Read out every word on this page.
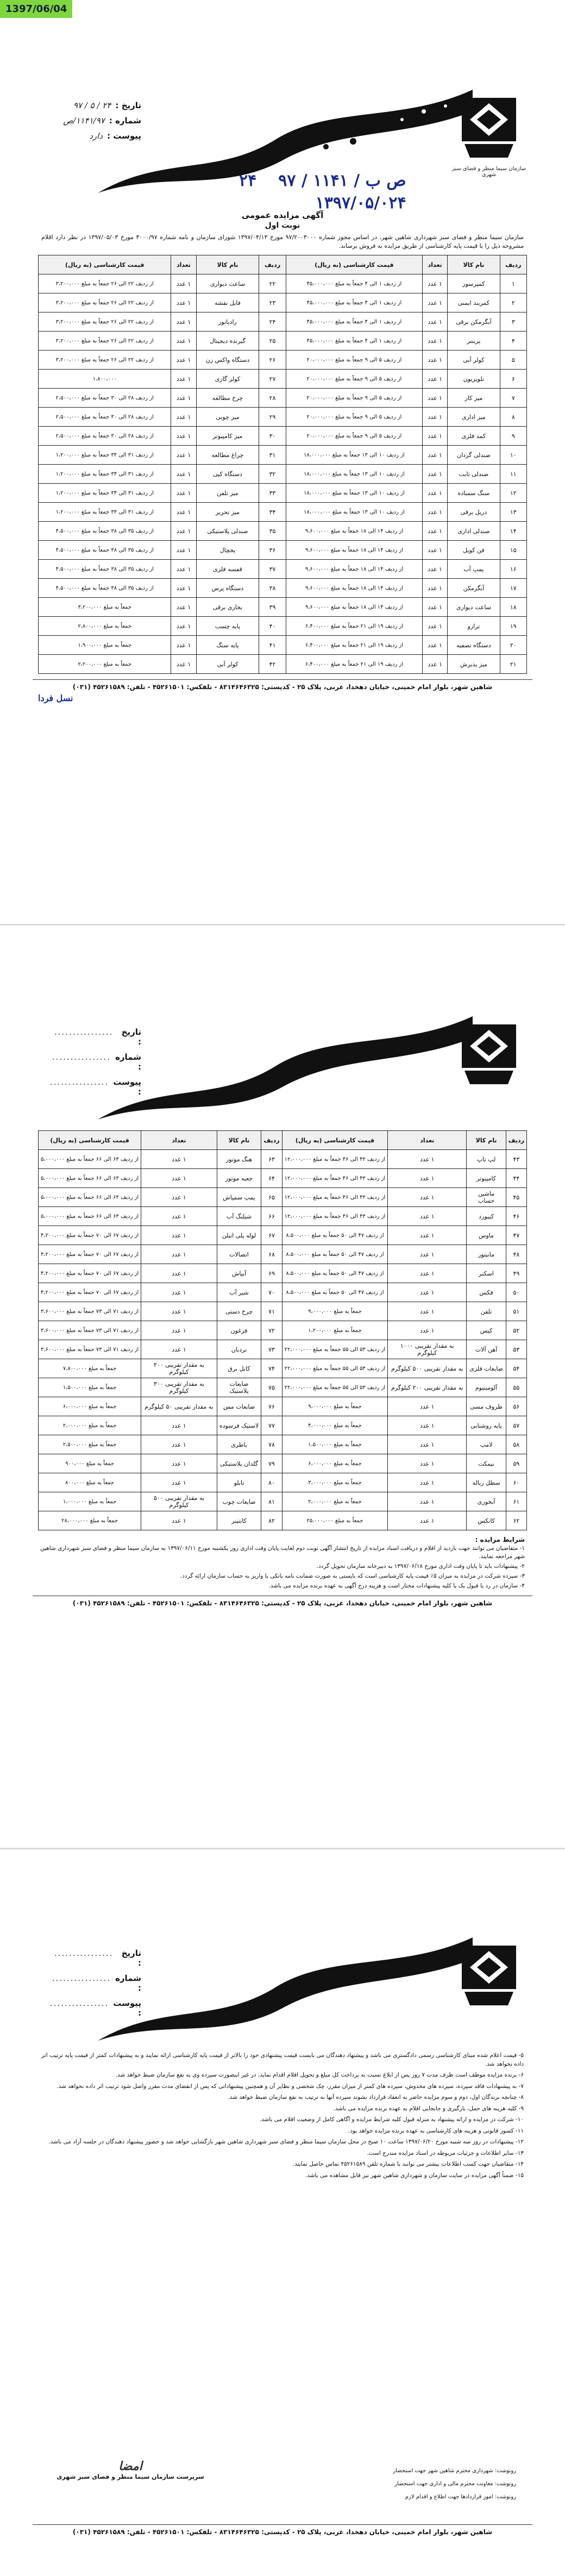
1397/06/04
سازمان سیما منظر و فضای سبز شهری
تاریخ :
۲۴ / ۵ / ۹۷
شماره :
۱۱۴۱/۹۷/ص
پیوست :
دارد
ص ب / ۱۱۴۱ / ۹۷
۲۴
۱۳۹۷/۰۵/۰۲۴
آگهی مزایده عمومی
نوبت اول
سازمان سیما منظر و فضای سبز شهرداری شاهین شهر، در اساس مجوز شماره ۹۷/۲۰۰۳۰۰۰ مورخ ۱۳۹۷/۰۴/۱۳ شورای سازمان و نامه شماره ۳۰۰۰/۹۷ مورخ ۱۳۹۷/۰۵/۰۳ در نظر دارد اقلام مشروحه ذیل را با قیمت پایه کارشناسی از طریق مزایده به فروش برساند.
ردیف	نام کالا	تعداد	قیمت کارشناسی (به ریال)	ردیف	نام کالا	تعداد	قیمت کارشناسی (به ریال)
۱	کمپرسور	۱ عدد	از ردیف ۱ الی ۴ جمعاً به مبلغ ۴۵،۰۰۰،۰۰۰	۲۲	ساعت دیواری	۱ عدد	از ردیف ۲۲ الی ۲۶ جمعاً به مبلغ ۳،۲۰۰،۰۰۰
۲	کمربند ایمنی	۱ عدد	از ردیف ۱ الی ۴ جمعاً به مبلغ ۴۵،۰۰۰،۰۰۰	۲۳	فایل نقشه	۱ عدد	از ردیف ۲۲ الی ۲۶ جمعاً به مبلغ ۳،۲۰۰،۰۰۰
۳	آبگرمکن برقی	۱ عدد	از ردیف ۱ الی ۴ جمعاً به مبلغ ۴۵،۰۰۰،۰۰۰	۲۴	رادیاتور	۱ عدد	از ردیف ۲۲ الی ۲۶ جمعاً به مبلغ ۳،۲۰۰،۰۰۰
۴	پرینتر	۱ عدد	از ردیف ۱ الی ۴ جمعاً به مبلغ ۴۵،۰۰۰،۰۰۰	۲۵	گیرنده دیجیتال	۱ عدد	از ردیف ۲۲ الی ۲۶ جمعاً به مبلغ ۳،۲۰۰،۰۰۰
۵	کولر آبی	۱ عدد	از ردیف ۵ الی ۹ جمعاً به مبلغ ۲۰،۰۰۰،۰۰۰	۲۶	دستگاه واکس زن	۱ عدد	از ردیف ۲۲ الی ۲۶ جمعاً به مبلغ ۳،۲۰۰،۰۰۰
۶	تلویزیون	۱ عدد	از ردیف ۵ الی ۹ جمعاً به مبلغ ۲۰،۰۰۰،۰۰۰	۲۷	کولر گازی	۱ عدد	۱،۸۰۰،۰۰۰
۷	میز کار	۱ عدد	از ردیف ۵ الی ۹ جمعاً به مبلغ ۲۰،۰۰۰،۰۰۰	۲۸	چرخ مطالعه	۱ عدد	از ردیف ۲۸ الی ۳۰ جمعاً به مبلغ ۲،۵۰۰،۰۰۰
۸	میز اداری	۱ عدد	از ردیف ۵ الی ۹ جمعاً به مبلغ ۲۰،۰۰۰،۰۰۰	۲۹	میز چوبی	۱ عدد	از ردیف ۲۸ الی ۳۰ جمعاً به مبلغ ۲،۵۰۰،۰۰۰
۹	کمد فلزی	۱ عدد	از ردیف ۵ الی ۹ جمعاً به مبلغ ۲۰،۰۰۰،۰۰۰	۳۰	میز کامپیوتر	۱ عدد	از ردیف ۲۸ الی ۳۰ جمعاً به مبلغ ۲،۵۰۰،۰۰۰
۱۰	صندلی گردان	۱ عدد	از ردیف ۱۰ الی ۱۳ جمعاً به مبلغ ۱۸،۰۰۰،۰۰۰	۳۱	چراغ مطالعه	۱ عدد	از ردیف ۳۱ الی ۳۴ جمعاً به مبلغ ۱،۲۰۰،۰۰۰
۱۱	صندلی ثابت	۱ عدد	از ردیف ۱۰ الی ۱۳ جمعاً به مبلغ ۱۸،۰۰۰،۰۰۰	۳۲	دستگاه کپی	۱ عدد	از ردیف ۳۱ الی ۳۴ جمعاً به مبلغ ۱،۲۰۰،۰۰۰
۱۲	سنگ سمباده	۱ عدد	از ردیف ۱۰ الی ۱۳ جمعاً به مبلغ ۱۸،۰۰۰،۰۰۰	۳۳	میز تلفن	۱ عدد	از ردیف ۳۱ الی ۳۴ جمعاً به مبلغ ۱،۲۰۰،۰۰۰
۱۳	دریل برقی	۱ عدد	از ردیف ۱۰ الی ۱۳ جمعاً به مبلغ ۱۸،۰۰۰،۰۰۰	۳۴	میز تحریر	۱ عدد	از ردیف ۳۱ الی ۳۴ جمعاً به مبلغ ۱،۲۰۰،۰۰۰
۱۴	صندلی اداری	۱ عدد	از ردیف ۱۴ الی ۱۸ جمعاً به مبلغ ۹،۶۰۰،۰۰۰	۳۵	صندلی پلاستیکی	۱ عدد	از ردیف ۳۵ الی ۳۸ جمعاً به مبلغ ۴،۵۰۰،۰۰۰
۱۵	فن کویل	۱ عدد	از ردیف ۱۴ الی ۱۸ جمعاً به مبلغ ۹،۶۰۰،۰۰۰	۳۶	یخچال	۱ عدد	از ردیف ۳۵ الی ۳۸ جمعاً به مبلغ ۴،۵۰۰،۰۰۰
۱۶	پمپ آب	۱ عدد	از ردیف ۱۴ الی ۱۸ جمعاً به مبلغ ۹،۶۰۰،۰۰۰	۳۷	قفسه فلزی	۱ عدد	از ردیف ۳۵ الی ۳۸ جمعاً به مبلغ ۴،۵۰۰،۰۰۰
۱۷	آبگرمکن	۱ عدد	از ردیف ۱۴ الی ۱۸ جمعاً به مبلغ ۹،۶۰۰،۰۰۰	۳۸	دستگاه پرس	۱ عدد	از ردیف ۳۵ الی ۳۸ جمعاً به مبلغ ۴،۵۰۰،۰۰۰
۱۸	ساعت دیواری	۱ عدد	از ردیف ۱۴ الی ۱۸ جمعاً به مبلغ ۹،۶۰۰،۰۰۰	۳۹	بخاری برقی	۱ عدد	جمعاً به مبلغ ۳،۲۰۰،۰۰۰
۱۹	ترازو	۱ عدد	از ردیف ۱۹ الی ۲۱ جمعاً به مبلغ ۶،۴۰۰،۰۰۰	۴۰	پایه چسب	۱ عدد	جمعاً به مبلغ ۲،۸۰۰،۰۰۰
۲۰	دستگاه تصفیه	۱ عدد	از ردیف ۱۹ الی ۲۱ جمعاً به مبلغ ۶،۴۰۰،۰۰۰	۴۱	پایه سنگ	۱ عدد	جمعاً به مبلغ ۱،۹۰۰،۰۰۰
۲۱	میز پذیرش	۱ عدد	از ردیف ۱۹ الی ۲۱ جمعاً به مبلغ ۶،۴۰۰،۰۰۰	۴۲	کولر آبی	۱ عدد	جمعاً به مبلغ ۲،۲۰۰،۰۰۰
شاهین شهر، بلوار امام خمینی، خیابان دهخدا، غربی، پلاک ۲۵ - کدپستی: ۸۳۱۴۶۴۶۳۲۵ - تلفکس: ۴۵۲۶۱۵۰۱ - تلفن: ۴۵۲۶۱۵۸۹ (۰۳۱)
نسل فردا
تاریخ :
................
شماره :
................
پیوست :
................
ردیف	نام کالا	تعداد	قیمت کارشناسی (به ریال)	ردیف	نام کالا	تعداد	قیمت کارشناسی (به ریال)
۴۳	لپ تاپ	۱ عدد	از ردیف ۴۳ الی ۴۶ جمعاً به مبلغ ۱۲،۰۰۰،۰۰۰	۶۳	هنگ موتور	۱ عدد	از ردیف ۶۳ الی ۶۶ جمعاً به مبلغ ۵،۰۰۰،۰۰۰
۴۴	کامپیوتر	۱ عدد	از ردیف ۴۳ الی ۴۶ جمعاً به مبلغ ۱۲،۰۰۰،۰۰۰	۶۴	جعبه موتور	۱ عدد	از ردیف ۶۳ الی ۶۶ جمعاً به مبلغ ۵،۰۰۰،۰۰۰
۴۵	ماشین حساب	۱ عدد	از ردیف ۴۳ الی ۴۶ جمعاً به مبلغ ۱۲،۰۰۰،۰۰۰	۶۵	پمپ سمپاش	۱ عدد	از ردیف ۶۳ الی ۶۶ جمعاً به مبلغ ۵،۰۰۰،۰۰۰
۴۶	کیبورد	۱ عدد	از ردیف ۴۳ الی ۴۶ جمعاً به مبلغ ۱۲،۰۰۰،۰۰۰	۶۶	شیلنگ آب	۱ عدد	از ردیف ۶۳ الی ۶۶ جمعاً به مبلغ ۵،۰۰۰،۰۰۰
۴۷	ماوس	۱ عدد	از ردیف ۴۷ الی ۵۰ جمعاً به مبلغ ۸،۵۰۰،۰۰۰	۶۷	لوله پلی اتیلن	۱ عدد	از ردیف ۶۷ الی ۷۰ جمعاً به مبلغ ۴،۲۰۰،۰۰۰
۴۸	مانیتور	۱ عدد	از ردیف ۴۷ الی ۵۰ جمعاً به مبلغ ۸،۵۰۰،۰۰۰	۶۸	اتصالات	۱ عدد	از ردیف ۶۷ الی ۷۰ جمعاً به مبلغ ۴،۲۰۰،۰۰۰
۴۹	اسکنر	۱ عدد	از ردیف ۴۷ الی ۵۰ جمعاً به مبلغ ۸،۵۰۰،۰۰۰	۶۹	آبپاش	۱ عدد	از ردیف ۶۷ الی ۷۰ جمعاً به مبلغ ۴،۲۰۰،۰۰۰
۵۰	فکس	۱ عدد	از ردیف ۴۷ الی ۵۰ جمعاً به مبلغ ۸،۵۰۰،۰۰۰	۷۰	شیر آب	۱ عدد	از ردیف ۶۷ الی ۷۰ جمعاً به مبلغ ۴،۲۰۰،۰۰۰
۵۱	تلفن	۱ عدد	جمعاً به مبلغ ۹،۰۰۰،۰۰۰	۷۱	چرخ دستی	۱ عدد	از ردیف ۷۱ الی ۷۳ جمعاً به مبلغ ۳،۶۰۰،۰۰۰
۵۲	کیس	۱ عدد	جمعاً به مبلغ ۱،۲۰۰،۰۰۰	۷۲	فرغون	۱ عدد	از ردیف ۷۱ الی ۷۳ جمعاً به مبلغ ۳،۶۰۰،۰۰۰
۵۳	آهن آلات	به مقدار تقریبی ۱۰۰۰ کیلوگرم	از ردیف ۵۳ الی ۵۵ جمعاً به مبلغ ۲۲،۰۰۰،۰۰۰	۷۳	نردبان	۱ عدد	از ردیف ۷۱ الی ۷۳ جمعاً به مبلغ ۳،۶۰۰،۰۰۰
۵۴	ضایعات فلزی	به مقدار تقریبی ۵۰۰ کیلوگرم	از ردیف ۵۳ الی ۵۵ جمعاً به مبلغ ۲۲،۰۰۰،۰۰۰	۷۴	کابل برق	به مقدار تقریبی ۲۰۰ کیلوگرم	جمعاً به مبلغ ۷،۸۰۰،۰۰۰
۵۵	آلومینیوم	به مقدار تقریبی ۲۰۰ کیلوگرم	از ردیف ۵۳ الی ۵۵ جمعاً به مبلغ ۲۲،۰۰۰،۰۰۰	۷۵	ضایعات پلاستیک	به مقدار تقریبی ۳۰۰ کیلوگرم	جمعاً به مبلغ ۱،۵۰۰،۰۰۰
۵۶	ظروف مسی	۱ عدد	جمعاً به مبلغ ۹،۰۰۰،۰۰۰	۷۶	ضایعات مس	به مقدار تقریبی ۵۰ کیلوگرم	جمعاً به مبلغ ۶،۰۰۰،۰۰۰
۵۷	پایه روشنایی	۱ عدد	جمعاً به مبلغ ۴،۰۰۰،۰۰۰	۷۷	لاستیک فرسوده	۱ عدد	جمعاً به مبلغ ۲،۰۰۰،۰۰۰
۵۸	لامپ	۱ عدد	جمعاً به مبلغ ۱،۵۰۰،۰۰۰	۷۸	باطری	۱ عدد	جمعاً به مبلغ ۲،۵۰۰،۰۰۰
۵۹	نیمکت	۱ عدد	جمعاً به مبلغ ۶،۰۰۰،۰۰۰	۷۹	گلدان پلاستیکی	۱ عدد	جمعاً به مبلغ ۹۰۰،۰۰۰
۶۰	سطل زباله	۱ عدد	جمعاً به مبلغ ۳،۰۰۰،۰۰۰	۸۰	تابلو	۱ عدد	جمعاً به مبلغ ۸۰۰،۰۰۰
۶۱	آبخوری	۱ عدد	جمعاً به مبلغ ۲،۰۰۰،۰۰۰	۸۱	ضایعات چوب	به مقدار تقریبی ۵۰۰ کیلوگرم	جمعاً به مبلغ ۱،۰۰۰،۰۰۰
۶۲	کانکس	۱ عدد	جمعاً به مبلغ ۲۵،۰۰۰،۰۰۰	۸۲	کانتینر	۱ عدد	جمعاً به مبلغ ۲۸،۰۰۰،۰۰۰
شرایط مزایده :

۱- متقاضیان می توانند جهت بازدید از اقلام و دریافت اسناد مزایده از تاریخ انتشار آگهی نوبت دوم لغایت پایان وقت اداری روز یکشنبه مورخ ۱۳۹۷/۰۶/۱۱ به سازمان سیما منظر و فضای سبز شهرداری شاهین شهر مراجعه نمایند.

۲- پیشنهادات باید تا پایان وقت اداری مورخ ۱۳۹۷/۰۶/۱۸ به دبیرخانه سازمان تحویل گردد.

۳- سپرده شرکت در مزایده به میزان ۵٪ قیمت پایه کارشناسی است که بایستی به صورت ضمانت نامه بانکی یا واریز به حساب سازمان ارائه گردد.

۴- سازمان در رد یا قبول یک یا کلیه پیشنهادات مختار است و هزینه درج آگهی به عهده برنده مزایده می باشد.

شاهین شهر، بلوار امام خمینی، خیابان دهخدا، غربی، پلاک ۲۵ - کدپستی: ۸۳۱۴۶۴۶۳۲۵ - تلفکس: ۴۵۲۶۱۵۰۱ - تلفن: ۴۵۲۶۱۵۸۹ (۰۳۱)
تاریخ :
................
شماره :
................
پیوست :
................

۵- قیمت اعلام شده مبنای کارشناسی رسمی دادگستری می باشد و پیشنهاد دهندگان می بایست قیمت پیشنهادی خود را بالاتر از قیمت پایه کارشناسی ارائه نمایند و به پیشنهادات کمتر از قیمت پایه ترتیب اثر داده نخواهد شد.

۶- برنده مزایده موظف است ظرف مدت ۷ روز پس از ابلاغ نسبت به پرداخت کل مبلغ و تحویل اقلام اقدام نماید، در غیر اینصورت سپرده وی به نفع سازمان ضبط خواهد شد.

۷- به پیشنهادات فاقد سپرده، سپرده های مخدوش، سپرده های کمتر از میزان مقرر، چک شخصی و نظایر آن و همچنین پیشنهاداتی که پس از انقضای مدت مقرر واصل شود ترتیب اثر داده نخواهد شد.

۸- چنانچه برندگان اول، دوم و سوم مزایده حاضر به انعقاد قرارداد نشوند سپرده آنها به ترتیب به نفع سازمان ضبط خواهد شد.

۹- کلیه هزینه های حمل، بارگیری و جابجایی اقلام به عهده برنده مزایده می باشد.

۱۰- شرکت در مزایده و ارائه پیشنهاد به منزله قبول کلیه شرایط مزایده و آگاهی کامل از وضعیت اقلام می باشد.

۱۱- کسور قانونی و هزینه های کارشناسی به عهده برنده مزایده خواهد بود.

۱۲- پیشنهادات در روز سه شنبه مورخ ۱۳۹۷/۰۶/۲۰ ساعت ۱۰ صبح در محل سازمان سیما منظر و فضای سبز شهرداری شاهین شهر بازگشایی خواهد شد و حضور پیشنهاد دهندگان در جلسه آزاد می باشد.

۱۳- سایر اطلاعات و جزئیات مربوطه در اسناد مزایده مندرج است.

۱۴- متقاضیان جهت کسب اطلاعات بیشتر می توانند با شماره تلفن ۴۵۲۶۱۵۸۹ تماس حاصل نمایند.

۱۵- ضمناً آگهی مزایده در سایت سازمان و شهرداری شاهین شهر نیز قابل مشاهده می باشد.

امضا
سرپرست سازمان سیما منظر و فضای سبز شهری

رونوشت: شهرداری محترم شاهین شهر جهت استحضار

رونوشت: معاونت محترم مالی و اداری جهت استحضار

رونوشت: امور قراردادها جهت اطلاع و اقدام لازم

شاهین شهر، بلوار امام خمینی، خیابان دهخدا، غربی، پلاک ۲۵ - کدپستی: ۸۳۱۴۶۴۶۳۲۵ - تلفکس: ۴۵۲۶۱۵۰۱ - تلفن: ۴۵۲۶۱۵۸۹ (۰۳۱)
